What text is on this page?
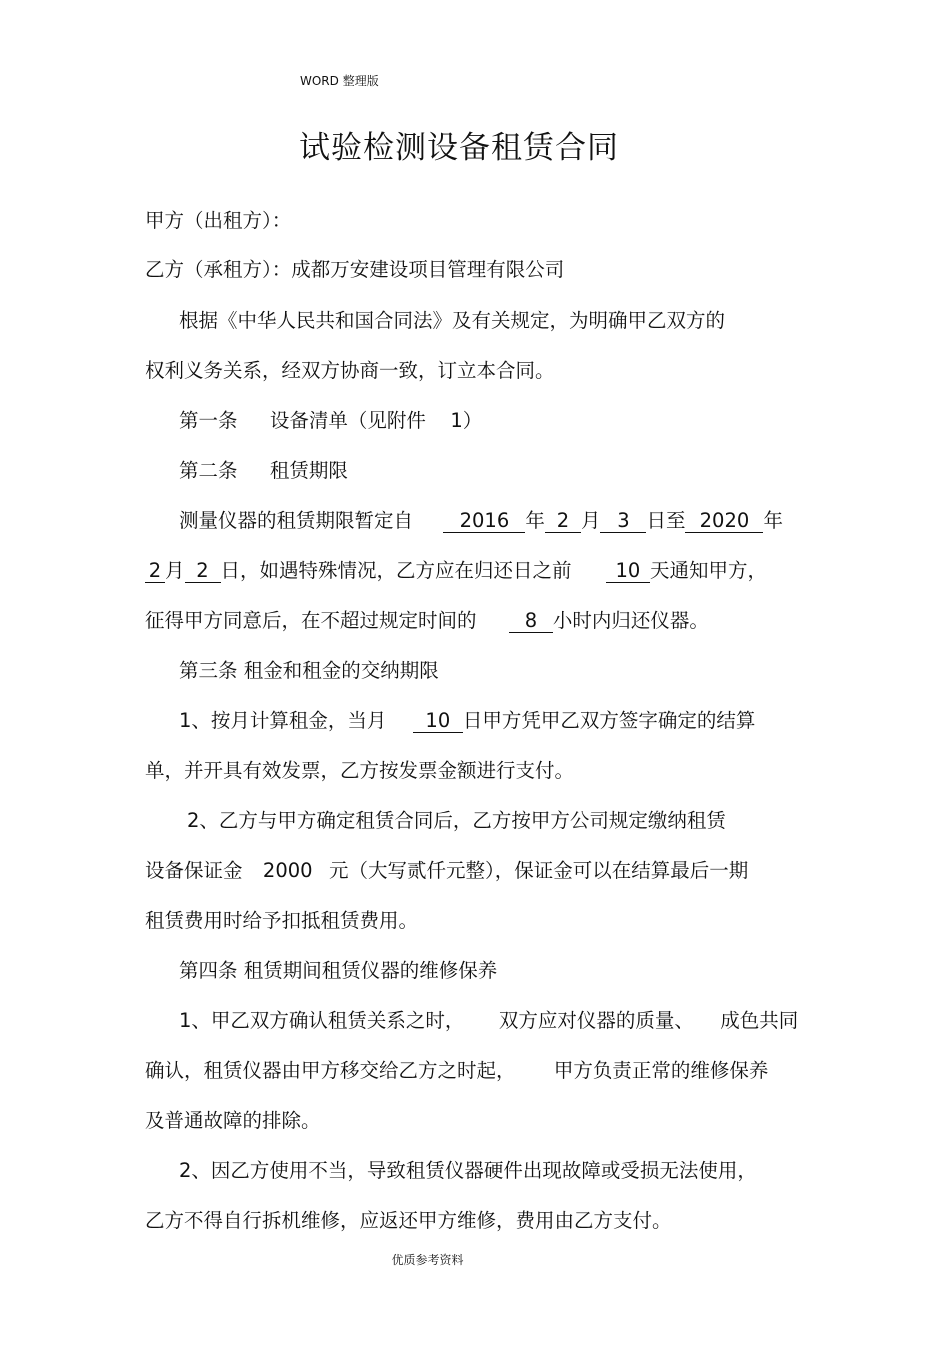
WORD 整理版
试验检测设备租赁合同
甲方（出租方）：
乙方（承租方）：成都万安建设项目管理有限公司
根据《中华人民共和国合同法》及有关规定，为明确甲乙双方的
权利义务关系，经双方协商一致，订立本合同。
第一条 设备清单（见附件 1）
第二条 租赁期限
测量仪器的租赁期限暂定自 2016 年 2 月 3 日至 2020 年
2 月 2 日，如遇特殊情况，乙方应在归还日之前 10 天通知甲方，
征得甲方同意后，在不超过规定时间的 8 小时内归还仪器。
第三条 租金和租金的交纳期限
1、按月计算租金，当月 10 日甲方凭甲乙双方签字确定的结算
单，并开具有效发票，乙方按发票金额进行支付。
2、乙方与甲方确定租赁合同后，乙方按甲方公司规定缴纳租赁
设备保证金 2000 元（大写贰仟元整），保证金可以在结算最后一期
租赁费用时给予扣抵租赁费用。
第四条 租赁期间租赁仪器的维修保养
1、甲乙双方确认租赁关系之时， 双方应对仪器的质量、 成色共同
确认，租赁仪器由甲方移交给乙方之时起， 甲方负责正常的维修保养
及普通故障的排除。
2、因乙方使用不当，导致租赁仪器硬件出现故障或受损无法使用，
乙方不得自行拆机维修，应返还甲方维修，费用由乙方支付。
优质参考资料
